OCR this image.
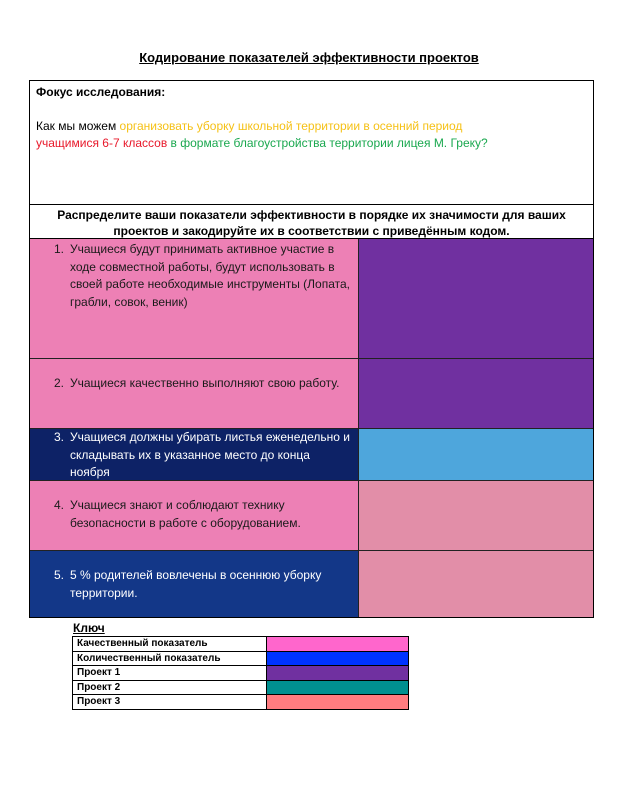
Кодирование показателей эффективности проектов
Фокус исследования:
Как мы можем организовать уборку школьной территории в осенний период
учащимися 6-7 классов в формате благоустройства территории лицея М. Греку?
Распределите ваши показатели эффективности в порядке их значимости для ваших проектов и закодируйте их в соответствии с приведённым кодом.
1. Учащиеся будут принимать активное участие в ходе совместной работы, будут использовать в своей работе необходимые инструменты (Лопата, грабли, совок, веник)
2. Учащиеся качественно выполняют свою работу.
3. Учащиеся должны убирать листья еженедельно и складывать их в указанное место до конца ноября
4. Учащиеся знают и соблюдают технику безопасности в работе с оборудованием.
5. 5 % родителей вовлечены в осеннюю уборку территории.
Ключ
Качественный показатель	
Количественный показатель	
Проект 1	
Проект 2	
Проект 3	
